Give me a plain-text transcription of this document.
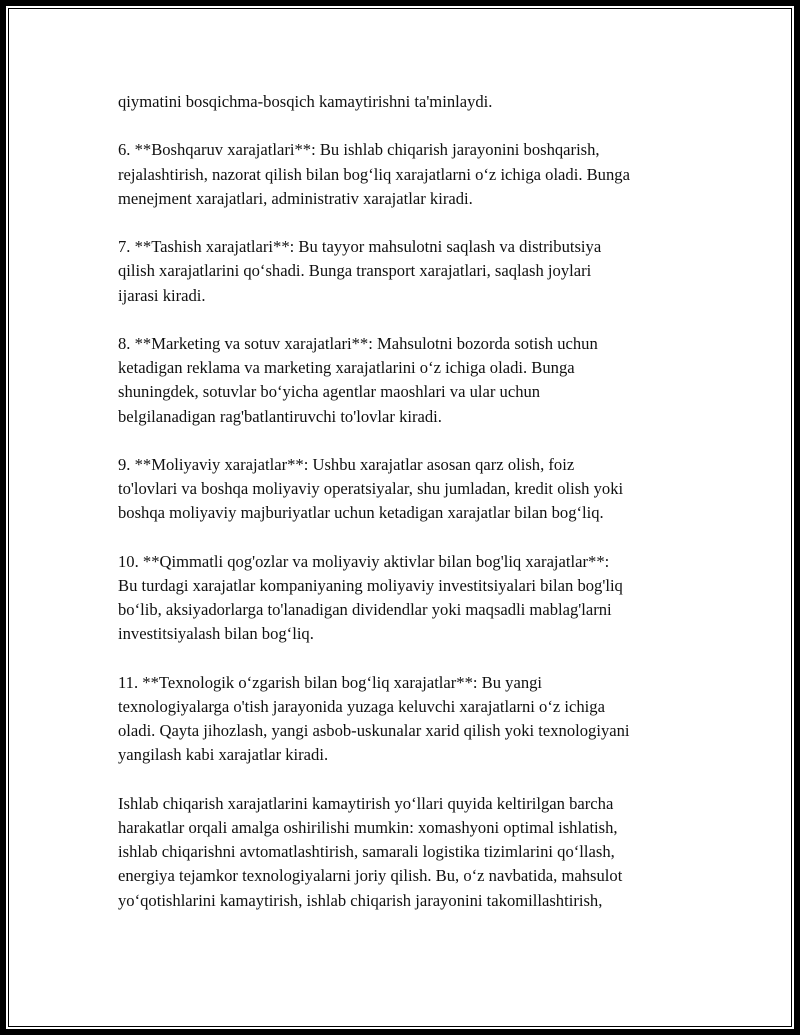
qiymatini bosqichma-bosqich kamaytirishni ta'minlaydi.
6. **Boshqaruv xarajatlari**: Bu ishlab chiqarish jarayonini boshqarish,
rejalashtirish, nazorat qilish bilan bog‘liq xarajatlarni o‘z ichiga oladi. Bunga
menejment xarajatlari, administrativ xarajatlar kiradi.
7. **Tashish xarajatlari**: Bu tayyor mahsulotni saqlash va distributsiya
qilish xarajatlarini qo‘shadi. Bunga transport xarajatlari, saqlash joylari
ijarasi kiradi.
8. **Marketing va sotuv xarajatlari**: Mahsulotni bozorda sotish uchun
ketadigan reklama va marketing xarajatlarini o‘z ichiga oladi. Bunga
shuningdek, sotuvlar bo‘yicha agentlar maoshlari va ular uchun
belgilanadigan rag'batlantiruvchi to'lovlar kiradi.
9. **Moliyaviy xarajatlar**: Ushbu xarajatlar asosan qarz olish, foiz
to'lovlari va boshqa moliyaviy operatsiyalar, shu jumladan, kredit olish yoki
boshqa moliyaviy majburiyatlar uchun ketadigan xarajatlar bilan bog‘liq.
10. **Qimmatli qog'ozlar va moliyaviy aktivlar bilan bog'liq xarajatlar**:
Bu turdagi xarajatlar kompaniyaning moliyaviy investitsiyalari bilan bog'liq
bo‘lib, aksiyadorlarga to'lanadigan dividendlar yoki maqsadli mablag'larni
investitsiyalash bilan bog‘liq.
11. **Texnologik o‘zgarish bilan bog‘liq xarajatlar**: Bu yangi
texnologiyalarga o'tish jarayonida yuzaga keluvchi xarajatlarni o‘z ichiga
oladi. Qayta jihozlash, yangi asbob-uskunalar xarid qilish yoki texnologiyani
yangilash kabi xarajatlar kiradi.
Ishlab chiqarish xarajatlarini kamaytirish yo‘llari quyida keltirilgan barcha
harakatlar orqali amalga oshirilishi mumkin: xomashyoni optimal ishlatish,
ishlab chiqarishni avtomatlashtirish, samarali logistika tizimlarini qo‘llash,
energiya tejamkor texnologiyalarni joriy qilish. Bu, o‘z navbatida, mahsulot
yo‘qotishlarini kamaytirish, ishlab chiqarish jarayonini takomillashtirish,
